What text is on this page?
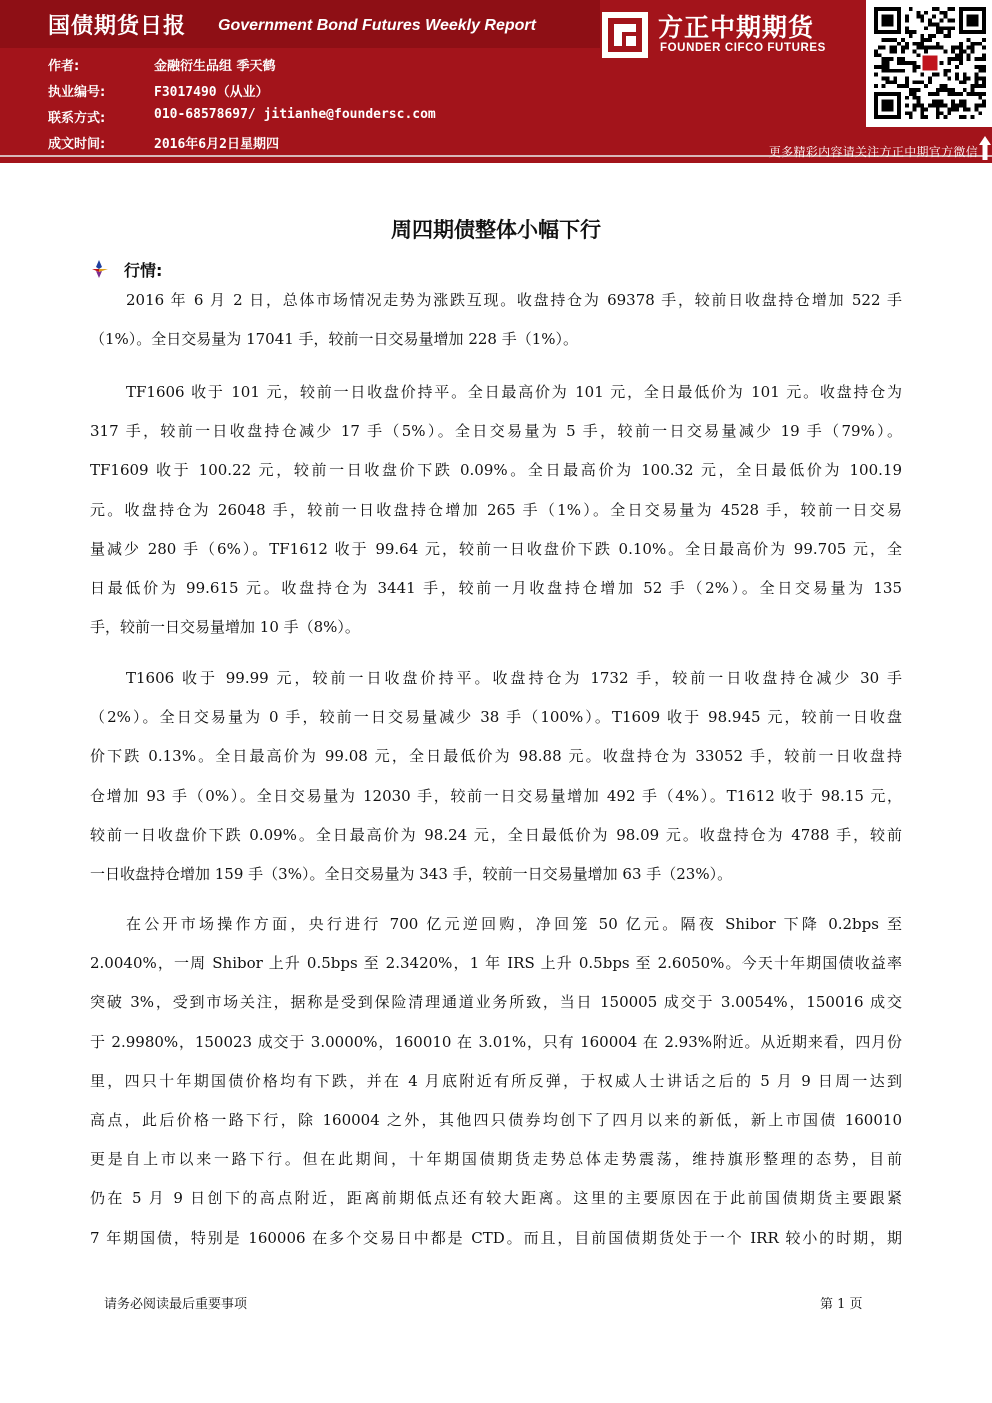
国债期货日报 Government Bond Futures Weekly Report
作者:	金融衍生品组 季天鹤
执业编号:	F3017490（从业）
联系方式:	010-68578697/ jitianhe@foundersc.com
成文时间:	2016年6月2日星期四
方正中期期货
FOUNDER CIFCO FUTURES
更多精彩内容请关注方正中期官方微信
周四期债整体小幅下行
行情:
2016 年 6 月 2 日，总体市场情况走势为涨跌互现。收盘持仓为 69378 手，较前日收盘持仓增加 522 手
（1%）。全日交易量为 17041 手，较前一日交易量增加 228 手（1%）。
TF1606 收于 101 元，较前一日收盘价持平。全日最高价为 101 元，全日最低价为 101 元。收盘持仓为
317 手，较前一日收盘持仓减少 17 手（5%）。全日交易量为 5 手，较前一日交易量减少 19 手（79%）。
TF1609 收于 100.22 元，较前一日收盘价下跌 0.09%。全日最高价为 100.32 元，全日最低价为 100.19
元。收盘持仓为 26048 手，较前一日收盘持仓增加 265 手（1%）。全日交易量为 4528 手，较前一日交易
量减少 280 手（6%）。TF1612 收于 99.64 元，较前一日收盘价下跌 0.10%。全日最高价为 99.705 元，全
日最低价为 99.615 元。收盘持仓为 3441 手，较前一月收盘持仓增加 52 手（2%）。全日交易量为 135
手，较前一日交易量增加 10 手（8%）。
T1606 收于 99.99 元，较前一日收盘价持平。收盘持仓为 1732 手，较前一日收盘持仓减少 30 手
（2%）。全日交易量为 0 手，较前一日交易量减少 38 手（100%）。T1609 收于 98.945 元，较前一日收盘
价下跌 0.13%。全日最高价为 99.08 元，全日最低价为 98.88 元。收盘持仓为 33052 手，较前一日收盘持
仓增加 93 手（0%）。全日交易量为 12030 手，较前一日交易量增加 492 手（4%）。T1612 收于 98.15 元，
较前一日收盘价下跌 0.09%。全日最高价为 98.24 元，全日最低价为 98.09 元。收盘持仓为 4788 手，较前
一日收盘持仓增加 159 手（3%）。全日交易量为 343 手，较前一日交易量增加 63 手（23%）。
在公开市场操作方面，央行进行 700 亿元逆回购，净回笼 50 亿元。隔夜 Shibor 下降 0.2bps 至
2.0040%，一周 Shibor 上升 0.5bps 至 2.3420%，1 年 IRS 上升 0.5bps 至 2.6050%。今天十年期国债收益率
突破 3%，受到市场关注，据称是受到保险清理通道业务所致，当日 150005 成交于 3.0054%，150016 成交
于 2.9980%，150023 成交于 3.0000%，160010 在 3.01%，只有 160004 在 2.93%附近。从近期来看，四月份
里，四只十年期国债价格均有下跌，并在 4 月底附近有所反弹，于权威人士讲话之后的 5 月 9 日周一达到
高点，此后价格一路下行，除 160004 之外，其他四只债券均创下了四月以来的新低，新上市国债 160010
更是自上市以来一路下行。但在此期间，十年期国债期货走势总体走势震荡，维持旗形整理的态势，目前
仍在 5 月 9 日创下的高点附近，距离前期低点还有较大距离。这里的主要原因在于此前国债期货主要跟紧
7 年期国债，特别是 160006 在多个交易日中都是 CTD。而且，目前国债期货处于一个 IRR 较小的时期，期
请务必阅读最后重要事项	第 1 页
